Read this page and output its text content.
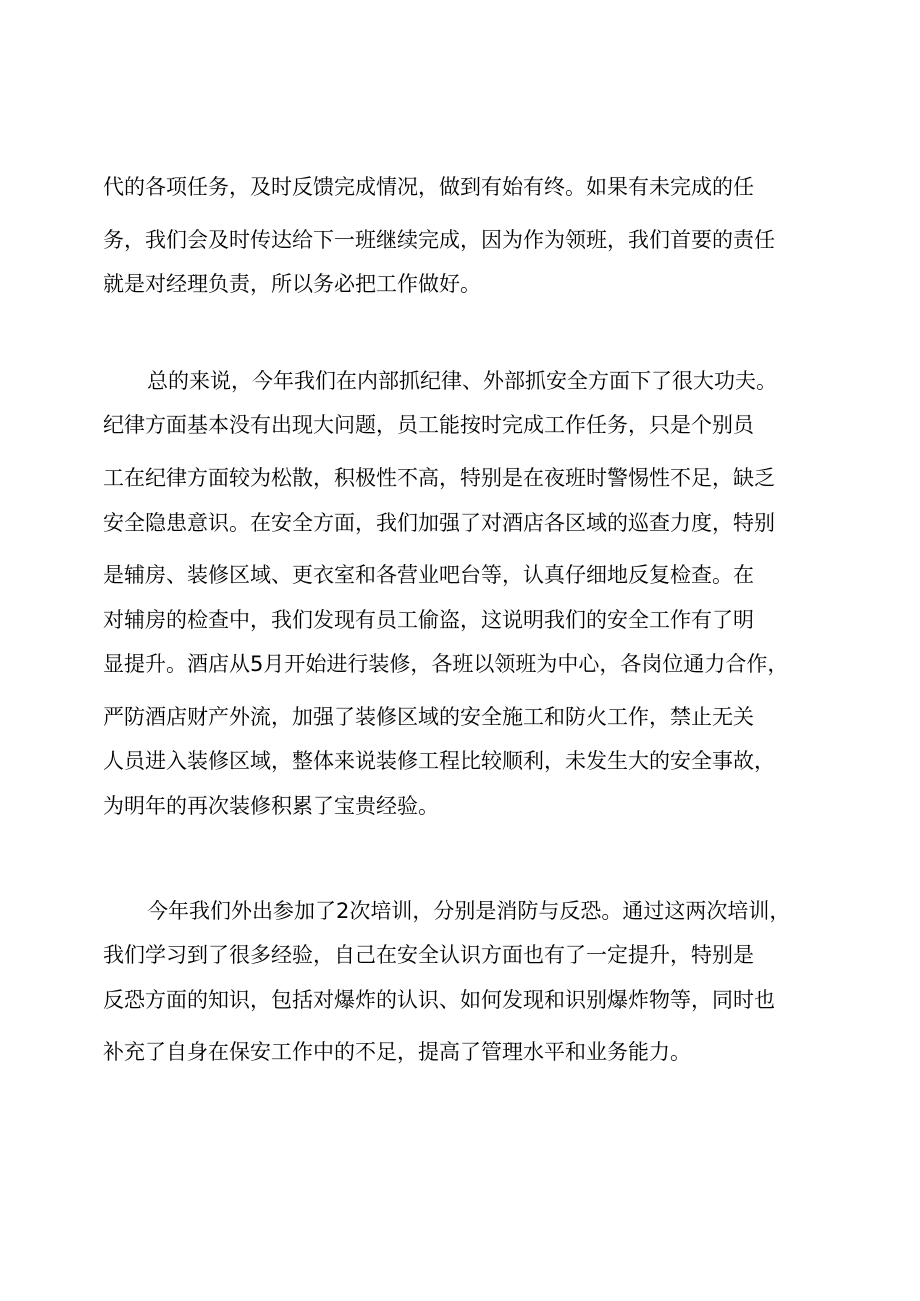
代的各项任务，及时反馈完成情况，做到有始有终。如果有未完成的任
务，我们会及时传达给下一班继续完成，因为作为领班，我们首要的责任
就是对经理负责，所以务必把工作做好。
总的来说，今年我们在内部抓纪律、外部抓安全方面下了很大功夫。
纪律方面基本没有出现大问题，员工能按时完成工作任务，只是个别员
工在纪律方面较为松散，积极性不高，特别是在夜班时警惕性不足，缺乏
安全隐患意识。在安全方面，我们加强了对酒店各区域的巡查力度，特别
是辅房、装修区域、更衣室和各营业吧台等，认真仔细地反复检查。在
对辅房的检查中，我们发现有员工偷盗，这说明我们的安全工作有了明
显提升。酒店从5月开始进行装修，各班以领班为中心，各岗位通力合作，
严防酒店财产外流，加强了装修区域的安全施工和防火工作，禁止无关
人员进入装修区域，整体来说装修工程比较顺利，未发生大的安全事故，
为明年的再次装修积累了宝贵经验。
今年我们外出参加了2次培训，分别是消防与反恐。通过这两次培训，
我们学习到了很多经验，自己在安全认识方面也有了一定提升，特别是
反恐方面的知识，包括对爆炸的认识、如何发现和识别爆炸物等，同时也
补充了自身在保安工作中的不足，提高了管理水平和业务能力。
